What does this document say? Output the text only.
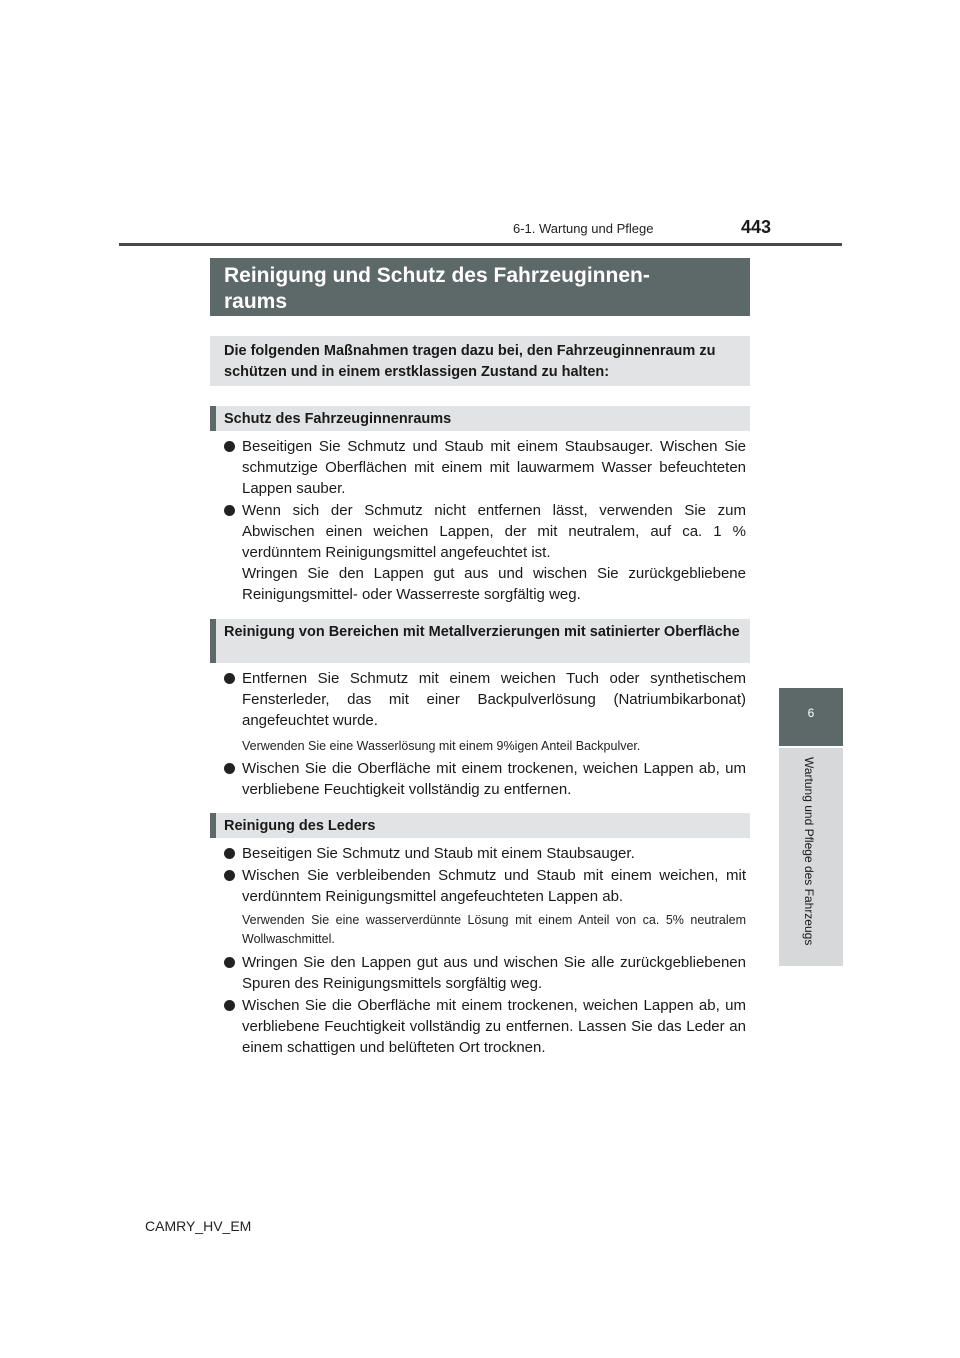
443
6-1. Wartung und Pflege
6
Wartung und Pflege des Fahrzeugs
Reinigung und Schutz des Fahrzeuginnen-
raums
Die folgenden Maßnahmen tragen dazu bei, den Fahrzeuginnenraum zu schützen und in einem erstklassigen Zustand zu halten:
Schutz des Fahrzeuginnenraums
Beseitigen Sie Schmutz und Staub mit einem Staubsauger. Wischen Sie schmutzige Oberflächen mit einem mit lauwarmem Wasser befeuchteten Lappen sauber.
Wenn sich der Schmutz nicht entfernen lässt, verwenden Sie zum Abwischen einen weichen Lappen, der mit neutralem, auf ca. 1 % verdünntem Reinigungsmittel angefeuchtet ist.
Wringen Sie den Lappen gut aus und wischen Sie zurückgebliebene Reinigungsmittel- oder Wasserreste sorgfältig weg.
Reinigung von Bereichen mit Metallverzierungen mit satinierter Oberfläche
Entfernen Sie Schmutz mit einem weichen Tuch oder synthetischem Fensterleder, das mit einer Backpulverlösung (Natriumbikarbonat) angefeuchtet wurde.
Verwenden Sie eine Wasserlösung mit einem 9%igen Anteil Backpulver.
Wischen Sie die Oberfläche mit einem trockenen, weichen Lappen ab, um verbliebene Feuchtigkeit vollständig zu entfernen.
Reinigung des Leders
Beseitigen Sie Schmutz und Staub mit einem Staubsauger.
Wischen Sie verbleibenden Schmutz und Staub mit einem weichen, mit verdünntem Reinigungsmittel angefeuchteten Lappen ab.
Verwenden Sie eine wasserverdünnte Lösung mit einem Anteil von ca. 5% neutralem Wollwaschmittel.
Wringen Sie den Lappen gut aus und wischen Sie alle zurückgebliebenen Spuren des Reinigungsmittels sorgfältig weg.
Wischen Sie die Oberfläche mit einem trockenen, weichen Lappen ab, um verbliebene Feuchtigkeit vollständig zu entfernen. Lassen Sie das Leder an einem schattigen und belüfteten Ort trocknen.
CAMRY_HV_EM
